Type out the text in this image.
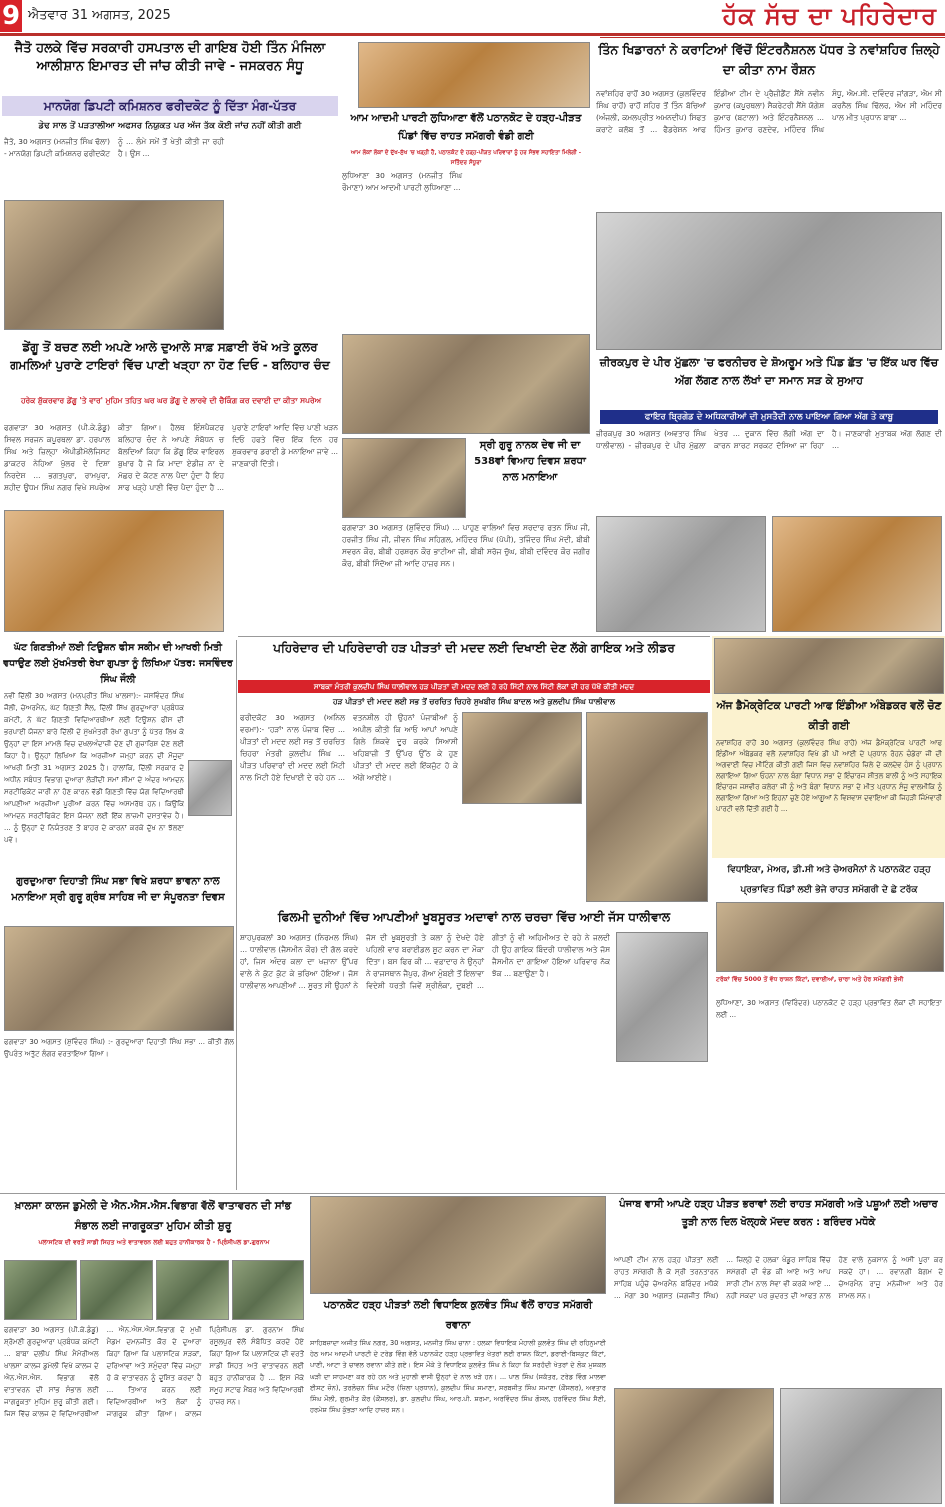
9 ਐਤਵਾਰ 31 ਅਗਸਤ, 2025	ਹੱਕ ਸੱਚ ਦਾ ਪਹਿਰੇਦਾਰ
ਜੈਤੋ ਹਲਕੇ ਵਿੱਚ ਸਰਕਾਰੀ ਹਸਪਤਾਲ ਦੀ ਗਾਇਬ ਹੋਈ ਤਿੰਨ ਮੰਜਿਲਾ ਆਲੀਸ਼ਾਨ ਇਮਾਰਤ ਦੀ ਜਾਂਚ ਕੀਤੀ ਜਾਵੇ - ਜਸਕਰਨ ਸੰਧੂ
ਮਾਨਯੋਗ ਡਿਪਟੀ ਕਮਿਸ਼ਨਰ ਫਰੀਦਕੋਟ ਨੂੰ ਦਿੱਤਾ ਮੰਗ-ਪੱਤਰ
ਡੇਢ ਸਾਲ ਤੋਂ ਪੜਤਾਲੀਆ ਅਫਸਰ ਨਿਯੁਕਤ ਪਰ ਅੱਜ ਤੱਕ ਕੋਈ ਜਾਂਚ ਨਹੀਂ ਕੀਤੀ ਗਈ
ਜੈਤੋ, 30 ਅਗਸਤ (ਮਨਜੀਤ ਸਿੰਘ ਢੱਲਾ) - ਮਾਨਯੋਗ ਡਿਪਟੀ ਕਮਿਸ਼ਨਰ ਫਰੀਦਕੋਟ ਨੂੰ ... ਲੰਮੇ ਸਮੇਂ ਤੋਂ ਖੇਤੀ ਕੀਤੀ ਜਾ ਰਹੀ ਹੈ। ਉਸ ...
ਡੇਂਗੂ ਤੋਂ ਬਚਣ ਲਈ ਅਪਣੇ ਆਲੇ ਦੁਆਲੇ ਸਾਫ਼ ਸਫ਼ਾਈ ਰੱਖੋ ਅਤੇ ਕੂਲਰ ਗਮਲਿਆਂ ਪੁਰਾਣੇ ਟਾਇਰਾਂ ਵਿੱਚ ਪਾਣੀ ਖੜ੍ਹਾ ਨਾ ਹੋਣ ਦਿਓ - ਬਲਿਹਾਰ ਚੰਦ
ਹਰੇਕ ਸ਼ੁੱਕਰਵਾਰ ਡੇਂਗੂ 'ਤੇ ਵਾਰ' ਮੁਹਿਮ ਤਹਿਤ ਘਰ ਘਰ ਡੇਂਗੂ ਦੇ ਲਾਰਵੇ ਦੀ ਚੈਕਿੰਗ ਕਰ ਦਵਾਈ ਦਾ ਕੀਤਾ ਸਪਰੇਅ
ਫਗਵਾੜਾ 30 ਅਗਸਤ (ਪੀ.ਕੇ.ਡੰਡੂ) ਸਿਵਲ ਸਰਜਨ ਕਪੂਰਥਲਾ ਡਾ. ਹਰਪਾਲ ਸਿੰਘ ਅਤੇ ਜ਼ਿਲ੍ਹਾ ਐਪੀਡੀਮੋਲੋਜਿਸਟ ਡਾਕਟਰ ਨੇਹਿਆ ਖੁੱਲਰ ਦੇ ਦਿਸ਼ਾ ਨਿਰਦੇਸ਼ ... ਭਗਤਪੁਰਾ, ਰਾਮਪੁਰਾ, ਸ਼ਹੀਦ ਊਧਮ ਸਿੰਘ ਨਗਰ ਵਿਖੇ ਸਪਰੇਅ ਕੀਤਾ ਗਿਆ। ਹੈਲਥ ਇੰਸਪੈਕਟਰ ਬਲਿਹਾਰ ਚੰਦ ਨੇ ਆਪਣੇ ਸੰਬੋਧਨ ਚ ਬੋਲਦਿਆਂ ਕਿਹਾ ਕਿ ਡੇਂਗੂ ਇੱਕ ਵਾਇਰਲ ਬੁਖ਼ਾਰ ਹੈ ਜੋ ਕਿ ਮਾਦਾ ਏਡੀਜ਼ ਨਾ ਦੇ ਮੱਛਰ ਦੇ ਕੱਟਣ ਨਾਲ ਪੈਦਾ ਹੁੰਦਾ ਹੈ ਇਹ ਸਾਫ ਖੜ੍ਹੇ ਪਾਣੀ ਵਿੱਚ ਪੈਦਾ ਹੁੰਦਾ ਹੈ ... ਪੁਰਾਣੇ ਟਾਇਰਾਂ ਆਦਿ ਵਿੱਚ ਪਾਣੀ ਖੜਨ ਦਿਓ ਹਫਤੇ ਵਿੱਚ ਇੱਕ ਦਿਨ ਹਰ ਸ਼ੁਕਰਵਾਰ ਡਰਾਈ ਡੇ ਮਨਾਇਆ ਜਾਵੇ ... ਜਾਣਕਾਰੀ ਦਿੱਤੀ।
ਘੱਟ ਗਿਣਤੀਆਂ ਲਈ ਟਿਊਸ਼ਨ ਫੀਸ ਸਕੀਮ ਦੀ ਆਖਰੀ ਮਿਤੀ ਵਧਾਉਣ ਲਈ ਮੁੱਖਮੰਤਰੀ ਰੇਖਾ ਗੁਪਤਾ ਨੂੰ ਲਿਖਿਆ ਪੱਤਰ: ਜਸਵਿੰਦਰ ਸਿੰਘ ਜੌਲੀ
ਨਵੀਂ ਦਿੱਲੀ 30 ਅਗਸਤ (ਮਨਪ੍ਰੀਤ ਸਿੰਘ ਖਾਲਸਾ):- ਜਸਵਿੰਦਰ ਸਿੰਘ ਜੌਲੀ, ਚੇਅਰਮੈਨ, ਘੱਟ ਗਿਣਤੀ ਸੈੱਲ, ਦਿੱਲੀ ਸਿੱਖ ਗੁਰਦੁਆਰਾ ਪ੍ਰਬੰਧਕ ਕਮੇਟੀ, ਨੇ ਘੱਟ ਗਿਣਤੀ ਵਿਦਿਆਰਥੀਆਂ ਲਈ ਟਿਊਸ਼ਨ ਫੀਸ ਦੀ ਭਰਪਾਈ ਯੋਜਨਾ ਬਾਰੇ ਦਿੱਲੀ ਦੇ ਮੁੱਖਮੰਤਰੀ ਰੇਖਾ ਗੁਪਤਾ ਨੂੰ ਪੱਤਰ ਲਿਖ ਕੇ ਉਨ੍ਹਾਂ ਦਾ ਇਸ ਮਾਮਲੇ ਵਿਚ ਦਖਲਅੰਦਾਜ਼ੀ ਦੇਣ ਦੀ ਗੁਜ਼ਾਰਿਸ਼ ਦੇਣ ਲਈ ਕਿਹਾ ਹੈ। ਉਨ੍ਹਾਂ ਲਿਖਿਆ ਕਿ ਅਰਜ਼ੀਆਂ ਜਮ੍ਹਾਂ ਕਰਨ ਦੀ ਮੌਜੂਦਾ ਆਖਰੀ ਮਿਤੀ 31 ਅਗਸਤ 2025 ਹੈ। ਹਾਲਾਂਕਿ, ਦਿੱਲੀ ਸਰਕਾਰ ਦੇ ਅਧੀਨ ਸਬੰਧਤ ਵਿਭਾਗ ਦੁਆਰਾ ਲੋੜੀਂਦੀ ਸਮਾਂ ਸੀਮਾ ਦੇ ਅੰਦਰ ਆਮਦਨ ਸਰਟੀਫਿਕੇਟ ਜਾਰੀ ਨਾ ਹੋਣ ਕਾਰਨ ਵੱਡੀ ਗਿਣਤੀ ਵਿੱਚ ਯੋਗ ਵਿਦਿਆਰਥੀ ਆਪਣੀਆਂ ਅਰਜ਼ੀਆਂ ਪੂਰੀਆਂ ਕਰਨ ਵਿੱਚ ਅਸਮਰੱਥ ਹਨ। ਕਿਉਂਕਿ ਆਮਦਨ ਸਰਟੀਫਿਕੇਟ ਇਸ ਯੋਜਨਾ ਲਈ ਇੱਕ ਲਾਜ਼ਮੀ ਦਸਤਾਵੇਜ਼ ਹੈ। ... ਨੂੰ ਉਨ੍ਹਾਂ ਦੇ ਨਿਯੰਤਰਣ ਤੋਂ ਬਾਹਰ ਦੇ ਕਾਰਨਾਂ ਕਰਕੇ ਦੁੱਖ ਨਾ ਝੱਲਣਾ ਪਵੇ।
ਗੁਰਦੁਆਰਾ ਦਿਹਾਤੀ ਸਿੰਘ ਸਭਾ ਵਿਖੇ ਸ਼ਰਧਾ ਭਾਵਨਾ ਨਾਲ ਮਨਾਇਆ ਸ੍ਰੀ ਗੁਰੂ ਗ੍ਰੰਥ ਸਾਹਿਬ ਜੀ ਦਾ ਸੰਪੂਰਨਤਾ ਦਿਵਸ
ਫਗਵਾੜਾ 30 ਅਗਸਤ (ਸ਼ੁਵਿੰਦਰ ਸਿੰਘ) :- ਗੁਰਦੁਆਰਾ ਦਿਹਾਤੀ ਸਿੰਘ ਸਭਾ ... ਕੀਤੀ ਗੱਲ ਉਪਰੰਤ ਅਤੁੱਟ ਲੰਗਰ ਵਰਤਾਇਆ ਗਿਆ।
ਆਮ ਆਦਮੀ ਪਾਰਟੀ ਲੁਧਿਆਣਾ ਵੱਲੋਂ ਪਠਾਨਕੋਟ ਦੇ ਹੜ੍ਹ-ਪੀੜਤ ਪਿੰਡਾਂ ਵਿੱਚ ਰਾਹਤ ਸਮੱਗਰੀ ਵੰਡੀ ਗਈ
ਆਮ ਲੋਕਾਂ ਲੋਕਾਂ ਦੇ ਦੁੱਖ-ਸੁੱਖ 'ਚ ਖੜ੍ਹੀ ਹੈ, ਪਠਾਨਕੋਟ ਦੇ ਹੜ੍ਹ-ਪੀੜਤ ਪਰਿਵਾਰਾਂ ਨੂੰ ਹਰ ਸੰਭਵ ਸਹਾਇਤਾ ਮਿਲੇਗੀ - ਸਤਿੰਦਰ ਸੰਧੂਰਾ
ਲੁਧਿਆਣਾ 30 ਅਗਸਤ (ਮਨਜੀਤ ਸਿੰਘ ਰੌਮਾਣਾ) ਆਮ ਆਦਮੀ ਪਾਰਟੀ ਲੁਧਿਆਣਾ ...
ਸ੍ਰੀ ਗੁਰੂ ਨਾਨਕ ਦੇਵ ਜੀ ਦਾ 538ਵਾਂ ਵਿਆਹ ਦਿਵਸ ਸ਼ਰਧਾ ਨਾਲ ਮਨਾਇਆ
ਫਗਵਾੜਾ 30 ਅਗਸਤ (ਸ਼ੁਵਿੰਦਰ ਸਿੰਘ) ... ਪਾਹੁਣ ਵਾਲਿਆਂ ਵਿਚ ਸਰਦਾਰ ਰਤਨ ਸਿੰਘ ਜੀ, ਹਰਜੀਤ ਸਿੰਘ ਜੀ, ਜੀਵਨ ਸਿੰਘ ਸਹਿਗਲ, ਮਹਿੰਦਰ ਸਿੰਘ (ਪੱਪੀ), ਤਜਿੰਦਰ ਸਿੰਘ ਮੋਦੀ, ਬੀਬੀ ਸਵਰਨ ਕੌਰ, ਬੀਬੀ ਹਰਸ਼ਰਨ ਕੌਰ ਭਾਟੀਆ ਜੀ, ਬੀਬੀ ਸਰੋਜ ਚੁੱਘ, ਬੀਬੀ ਦਵਿੰਦਰ ਕੌਰ ਜਗੀਰ ਕੌਰ, ਬੀਬੀ ਸਿੰਦੋਆ ਜੀ ਆਦਿ ਹਾਜ਼ਰ ਸਨ।
ਤਿੰਨ ਖਿਡਾਰਨਾਂ ਨੇ ਕਰਾਟਿਆਂ ਵਿੱਚੋਂ ਇੰਟਰਨੈਸ਼ਨਲ ਪੱਧਰ ਤੇ ਨਵਾਂਸ਼ਹਿਰ ਜ਼ਿਲ੍ਹੇ ਦਾ ਕੀਤਾ ਨਾਮ ਰੌਸ਼ਨ
ਨਵਾਂਸ਼ਹਿਰ ਰਾਹੋਂ 30 ਅਗਸਤ (ਕੁਲਵਿੰਦਰ ਸਿੰਘ ਰਾਹੋਂ) ਰਾਹੋਂ ਸ਼ਹਿਰ ਤੋਂ ਤਿੰਨ ਬੱਚਿਆਂ (ਅੰਜਲੀ, ਕਮਲਪ੍ਰੀਤ ਅਮਨਦੀਪ) ਸਿਫਤ ਕਰਾਟੇ ਕਲੱਬ ਤੋਂ ... ਫੈਡਰੇਸ਼ਨ ਆਫ ਇੰਡੀਆ ਟੀਮ ਦੇ ਪ੍ਰੈਜ਼ੀਡੈਂਟ ਸੈਂਸੇ ਨਵੀਨ ਕੁਮਾਰ (ਕਪੂਰਥਲਾ) ਸੈਕਰੇਟਰੀ ਸੈਂਸੇ ਯੋਗੇਸ਼ ਕੁਮਾਰ (ਬਟਾਲਾ) ਅਤੇ ਇੰਟਰਨੈਸ਼ਨਲ ... ਹਿੰਮਤ ਕੁਮਾਰ ਰਣਦੇਵ, ਮਹਿੰਦਰ ਸਿੰਘ ਸੰਧੂ, ਐਮ.ਸੀ. ਦਵਿੰਦਰ ਜਾਂਗੜਾ, ਐਮ ਸੀ ਕਰਨੈਲ ਸਿੰਘ ਢਿੱਲਰ, ਐਮ ਸੀ ਮਹਿੰਦਰ ਪਾਲ ਮੀਤ ਪ੍ਰਧਾਨ ਬਾਬਾ ...
ਜ਼ੀਰਕਪੁਰ ਦੇ ਪੀਰ ਮੁੱਛਲਾ 'ਚ ਫਰਨੀਚਰ ਦੇ ਸ਼ੋਅਰੂਮ ਅਤੇ ਪਿੰਡ ਛੱਤ 'ਚ ਇੱਕ ਘਰ ਵਿੱਚ ਅੱਗ ਲੱਗਣ ਨਾਲ ਲੱਖਾਂ ਦਾ ਸਮਾਨ ਸੜ ਕੇ ਸੁਆਹ
ਫਾਇਰ ਬ੍ਰਿਗੇਡ ਦੇ ਅਧਿਕਾਰੀਆਂ ਦੀ ਮੁਸਤੈਦੀ ਨਾਲ ਪਾਇਆ ਗਿਆ ਅੱਗ ਤੇ ਕਾਬੂ
ਜ਼ੀਰਕਪੁਰ 30 ਅਗਸਤ (ਅਵਤਾਰ ਸਿੰਘ ਧਾਲੀਵਾਲ) - ਜ਼ੀਰਕਪੁਰ ਦੇ ਪੀਰ ਮੁੱਛਲਾ ਖੇਤਰ ... ਦੁਕਾਨ ਵਿੱਚ ਲੱਗੀ ਅੱਗ ਦਾ ਕਾਰਨ ਸ਼ਾਰਟ ਸਰਕਟ ਦੱਸਿਆ ਜਾ ਰਿਹਾ ਹੈ। ਜਾਣਕਾਰੀ ਮੁਤਾਬਕ ਅੱਗ ਲੱਗਣ ਦੀ ...
ਪਹਿਰੇਦਾਰ ਦੀ ਪਹਿਰੇਦਾਰੀ ਹੜ ਪੀੜਤਾਂ ਦੀ ਮਦਦ ਲਈ ਦਿਖਾਈ ਦੇਣ ਲੱਗੇ ਗਾਇਕ ਅਤੇ ਲੀਡਰ
ਸਾਬਕਾ ਮੰਤਰੀ ਕੁਲਦੀਪ ਸਿੰਘ ਧਾਲੀਵਾਲ ਹੜ ਪੀੜਤਾਂ ਦੀ ਮਦਦ ਲਈ ਹੋ ਰਹੇ ਮਿੱਟੀ ਨਾਲ ਮਿੱਟੀ ਲੋਕਾਂ ਦੀ ਹਰ ਪੱਖੋਂ ਕੀਤੀ ਮਦਦ
ਹੜ ਪੀੜਤਾਂ ਦੀ ਮਦਦ ਲਈ ਸਭ ਤੋਂ ਚਰਚਿਤ ਚਿਹਰੇ ਸੁਖਬੀਰ ਸਿੰਘ ਬਾਦਲ ਅਤੇ ਕੁਲਦੀਪ ਸਿੰਘ ਧਾਲੀਵਾਲ
ਫਰੀਦਕੋਟ 30 ਅਗਸਤ (ਅਨਿਲ ਵਰਮਾ):- 'ਹੜਾਂ' ਨਾਲ ਪੰਜਾਬ ਵਿੱਚ ... ਪੀੜਤਾਂ ਦੀ ਮਦਦ ਲਈ ਸਭ ਤੋਂ ਚਰਚਿਤ ਚਿਹਰਾ ਮੰਤਰੀ ਕੁਲਦੀਪ ਸਿੰਘ ... ਪੀੜਤ ਪਰਿਵਾਰਾਂ ਦੀ ਮਦਦ ਲਈ ਮਿੱਟੀ ਨਾਲ ਮਿੱਟੀ ਹੋਏ ਦਿਖਾਈ ਦੇ ਰਹੇ ਹਨ ... ਵਤਨਸ਼ੀਲ ਹੀ ਉਹਨਾਂ ਪੰਜਾਬੀਆਂ ਨੂੰ ਅਪੀਲ ਕੀਤੀ ਕਿ ਆਓ ਆਪਾਂ ਆਪਣੇ ਗਿਲੇ ਸ਼ਿਕਵੇ ਦੂਰ ਕਰਕੇ ਸਿਆਸੀ ਖਹਿਬਾਜ਼ੀ ਤੋਂ ਉੱਪਰ ਉੱਠ ਕੇ ਹੁਣ ਪੀੜਤਾਂ ਦੀ ਮਦਦ ਲਈ ਇੱਕਜੁੱਟ ਹੋ ਕੇ ਅੱਗੇ ਆਈਏ।
ਫਿਲਮੀ ਦੁਨੀਆਂ ਵਿੱਚ ਆਪਣੀਆਂ ਖੂਬਸੂਰਤ ਅਦਾਵਾਂ ਨਾਲ ਚਰਚਾ ਵਿੱਚ ਆਈ ਜੱਸ ਧਾਲੀਵਾਲ
ਸ਼ਾਹਪੁਰਕਲਾਂ 30 ਅਗਸਤ (ਨਿਰਮਲ ਸਿੰਘ) ... ਧਾਲੀਵਾਲ (ਜੈਸਮੀਨ ਕੌਰ) ਦੀ ਗੱਲ ਕਰਦੇ ਹਾਂ, ਜਿਸ ਅੰਦਰ ਕਲਾ ਦਾ ਖਜ਼ਾਨਾ ਉੱਪਰ ਵਾਲੇ ਨੇ ਕੁੱਟ ਕੁੱਟ ਕੇ ਭਰਿਆ ਹੋਇਆ। ਜੱਸ ਧਾਲੀਵਾਲ ਆਪਣੀਆਂ ... ਸੂਰਤ ਸੀ ਉਹਨਾਂ ਨੇ ਜੱਸ ਦੀ ਖੂਬਸੂਰਤੀ ਤੇ ਕਲਾ ਨੂੰ ਦੇਖਦੇ ਹੋਏ ਪਹਿਲੀ ਵਾਰ ਬਰਾਈਡਲ ਸ਼ੂਟ ਕਰਨ ਦਾ ਮੌਕਾ ਦਿੱਤਾ। ਬਸ ਫਿਰ ਕੀ ... ਵਫ਼ਾਦਾਰ ਨੇ ਉਨ੍ਹਾਂ ਨੇ ਰਾਜਸਥਾਨ ਜੈਪੁਰ, ਗੋਆ ਮੁੰਬਈ ਤੋਂ ਇਲਾਵਾ ਵਿਦੇਸ਼ੀ ਧਰਤੀ ਜਿਵੇਂ ਸ਼੍ਰੀਲੰਕਾ, ਦੁਬਈ ... ਗੀਤਾਂ ਨੂੰ ਵੀ ਅਹਿਮੀਅਤ ਦੇ ਰਹੇ ਨੇ ਜਲਦੀ ਹੀ ਉਹ ਗਾਇਕ ਬਿੰਦਰੀ ਧਾਲੀਵਾਲ ਅਤੇ ਜੱਸ ਜੈਸਮੀਨ ਦਾ ਗਾਇਆ ਹੋਇਆ ਪਰਿਵਾਰ ਨੋਕ ਝੋਕ ... ਬਣਾਉਣਾ ਹੈ।
ਅੱਜ ਡੈਮੋਕ੍ਰੇਟਿਕ ਪਾਰਟੀ ਆਫ ਇੰਡੀਆ ਅੰਬੇਡਕਰ ਵਲੋਂ ਚੋਣ ਕੀਤੀ ਗਈ
ਨਵਾਂਸ਼ਹਿਰ ਰਾਹੋਂ 30 ਅਗਸਤ (ਕੁਲਵਿੰਦਰ ਸਿੰਘ ਰਾਹੋਂ) ਅੱਜ ਡੈਮੋਕ੍ਰੇਟਿਕ ਪਾਰਟੀ ਆਫ ਇੰਡੀਆ ਅੰਬੇਡਕਰ ਵਲੋਂ ਨਵਾਂਸ਼ਹਿਰ ਵਿਖੇ ਡੀ ਪੀ ਆਈ ਦੇ ਪ੍ਰਧਾਨ ਰੋਹਨ ਚੰਡੇਰਾ ਜੀ ਦੀ ਅਗਵਾਈ ਵਿਚ ਮੀਟਿੰਗ ਕੀਤੀ ਗਈ ਜਿਸ ਵਿਚ ਨਵਾਂਸ਼ਹਿਰ ਜ਼ਿਲੇ ਦੇ ਕਲਦੇਵ ਹੰਸ ਨੂੰ ਪ੍ਰਧਾਨ ਲਗਾਇਆ ਗਿਆ ਓਹਨਾ ਨਾਲ ਬੰਗਾ ਵਿਧਾਨ ਸਭਾ ਦੇ ਇੰਚਾਰਜ ਸ਼ੀਤਲ ਬਾਲੀ ਨੂੰ ਅਤੇ ਸਹਾਇਕ ਇੰਚਾਰਜ ਜਸਵੀਰ ਕਲੇਰਾ ਜੀ ਨੂੰ ਅਤੇ ਬੰਗਾ ਵਿਧਾਨ ਸਭਾ ਦੇ ਮੀਤ ਪ੍ਰਧਾਨ ਸੰਜੂ ਵਾਲਮੀਕਿ ਨੂੰ ਲਗਾਇਆ ਗਿਆ ਅਤੇ ਇਹਨਾਂ ਚੁਣੇ ਹੋਏ ਆਗੂਆਂ ਨੇ ਵਿਸ਼ਵਾਸ ਦਵਾਇਆ ਕੀ ਜਿਹੜੀ ਜਿੰਮੇਵਾਰੀ ਪਾਰਟੀ ਵਲੋਂ ਦਿੱਤੀ ਗਈ ਹੈ ...
ਵਿਧਾਇਕਾ, ਮੇਅਰ, ਡੀ.ਸੀ ਅਤੇ ਚੇਅਰਮੈਨਾਂ ਨੇ ਪਠਾਨਕੋਟ ਹੜ੍ਹ ਪ੍ਰਭਾਵਿਤ ਪਿੰਡਾਂ ਲਈ ਭੇਜੇ ਰਾਹਤ ਸਮੱਗਰੀ ਦੇ ਛੇ ਟਰੱਕ
ਟਰੱਕਾਂ ਵਿੱਚ 5000 ਤੋਂ ਵੱਧ ਰਾਸ਼ਨ ਕਿੱਟਾਂ, ਦਵਾਈਆਂ, ਚਾਰਾ ਅਤੇ ਹੋਰ ਸਮੱਗਰੀ ਭੇਜੀ
ਲੁਧਿਆਣਾ, 30 ਅਗਸਤ (ਵਿਰਿੰਦਰ) ਪਠਾਨਕੋਟ ਦੇ ਹੜ੍ਹ ਪ੍ਰਭਾਵਿਤ ਲੋਕਾਂ ਦੀ ਸਹਾਇਤਾ ਲਈ ...
ਖ਼ਾਲਸਾ ਕਾਲਜ ਡੁਮੇਲੀ ਦੇ ਐਨ.ਐਸ.ਐਸ.ਵਿਭਾਗ ਵੱਲੋਂ ਵਾਤਾਵਰਨ ਦੀ ਸਾਂਭ ਸੰਭਾਲ ਲਈ ਜਾਗਰੂਕਤਾ ਮੁਹਿਮ ਕੀਤੀ ਸ਼ੁਰੂ
ਪਲਾਸਟਿਕ ਦੀ ਵਰਤੋਂ ਸਾਡੀ ਸਿਹਤ ਅਤੇ ਵਾਤਾਵਰਨ ਲਈ ਬਹੁਤ ਹਾਨੀਕਾਰਕ ਹੈ - ਪ੍ਰਿੰਸੀਪਲ ਡਾ.ਗੁਰਨਾਮ
ਫਗਵਾੜਾ 30 ਅਗਸਤ (ਪੀ.ਕੇ.ਡੰਡੂ) ਸ਼੍ਰੋਮਣੀ ਗੁਰਦੁਆਰਾ ਪ੍ਰਬੰਧਕ ਕਮੇਟੀ ... ਬਾਬਾ ਦਲੀਪ ਸਿੰਘ ਮੈਮੋਰੀਅਲ ਖਾਲਸਾ ਕਾਲਜ ਡੁਮੇਲੀ ਵਿਖੇ ਕਾਲਜ ਦੇ ਐਨ.ਐਸ.ਐਸ. ਵਿਭਾਗ ਵੱਲੋਂ ਵਾਤਾਵਰਨ ਦੀ ਸਾਂਭ ਸੰਭਾਲ ਲਈ ਜਾਗਰੂਕਤਾ ਮੁਹਿਮ ਸ਼ੁਰੂ ਕੀਤੀ ਗਈ। ਜਿਸ ਵਿੱਚ ਕਾਲਜ ਦੇ ਵਿਦਿਆਰਥੀਆਂ ... ਐਨ.ਐਸ.ਐਸ.ਵਿਭਾਗ ਦੇ ਮੁਖੀ ਮੈਡਮ ਦਮਨਜੀਤ ਕੌਰ ਦੇ ਦੁਆਰਾ ਕਿਹਾ ਗਿਆ ਕਿ ਪਲਾਸਟਿਕ ਸੜਕਾਂ, ਦਰਿਆਵਾਂ ਅਤੇ ਸਮੁੰਦਰਾਂ ਵਿੱਚ ਜਮ੍ਹਾ ਹੋ ਕੇ ਵਾਤਾਵਰਨ ਨੂੰ ਦੂਸ਼ਿਤ ਕਰਦਾ ਹੈ ... ਤਿਆਰ ਕਰਨ ਲਈ ਵਿਦਿਆਰਥੀਆਂ ਅਤੇ ਲੋਕਾਂ ਨੂੰ ਜਾਗਰੂਕ ਕੀਤਾ ਗਿਆ। ਕਾਲਜ ਪ੍ਰਿੰਸੀਪਲ ਡਾ. ਗੁਰਨਾਮ ਸਿੰਘ ਰਸੂਲਪੁਰ ਵੱਲੋਂ ਸੰਬੋਧਿਤ ਕਰਦੇ ਹੋਏ ਕਿਹਾ ਗਿਆ ਕਿ ਪਲਾਸਟਿਕ ਦੀ ਵਰਤੋਂ ਸਾਡੀ ਸਿਹਤ ਅਤੇ ਵਾਤਾਵਰਨ ਲਈ ਬਹੁਤ ਹਾਨੀਕਾਰਕ ਹੈ ... ਇਸ ਮੌਕੇ ਸਮੂਹ ਸਟਾਫ ਮੈਂਬਰ ਅਤੇ ਵਿਦਿਆਰਥੀ ਹਾਜ਼ਰ ਸਨ।
ਪਠਾਨਕੋਟ ਹੜ੍ਹ ਪੀੜਤਾਂ ਲਈ ਵਿਧਾਇਕ ਕੁਲਵੰਤ ਸਿੰਘ ਵੱਲੋਂ ਰਾਹਤ ਸਮੱਗਰੀ ਰਵਾਨਾ
ਸਾਹਿਬਜ਼ਾਦਾ ਅਜੀਤ ਸਿੰਘ ਨਗਰ, 30 ਅਗਸਤ, ਮਨਜੀਤ ਸਿੰਘ ਚਾਨਾ : ਹਲਕਾ ਵਿਧਾਇਕ ਮੋਹਾਲੀ ਕੁਲਵੰਤ ਸਿੰਘ ਦੀ ਰਹਿਨੁਮਾਈ ਹੇਠ ਆਮ ਆਦਮੀ ਪਾਰਟੀ ਦੇ ਟਰੇਡ ਵਿੰਗ ਵੱਲੋਂ ਪਠਾਨਕੋਟ ਹੜ੍ਹ ਪ੍ਰਭਾਵਿਤ ਖੇਤਰਾਂ ਲਈ ਰਾਸ਼ਨ ਕਿੱਟਾਂ, ਡਰਾਈ-ਬਿਸਕੁਟ ਕਿੱਟਾਂ, ਪਾਣੀ, ਆਟਾ ਤੇ ਚਾਵਲ ਰਵਾਨਾ ਕੀਤੇ ਗਏ। ਇਸ ਮੌਕੇ ਤੇ ਵਿਧਾਇਕ ਕੁਲਵੰਤ ਸਿੰਘ ਨੇ ਕਿਹਾ ਕਿ ਸਰਹੱਦੀ ਖੇਤਰਾਂ ਦੇ ਲੋਕ ਮੁਸ਼ਕਲ ਘੜੀ ਦਾ ਸਾਹਮਣਾ ਕਰ ਰਹੇ ਹਨ ਅਤੇ ਮੁਹਾਲੀ ਵਾਸੀ ਉਨ੍ਹਾਂ ਦੇ ਨਾਲ ਖੜੇ ਹਨ। ... ਪਾਲ ਸਿੰਘ (ਸਕੱਤਰ, ਟਰੇਡ ਵਿੰਗ ਮਾਲਵਾ ਈਸਟ ਜ਼ੋਨ), ਤਰਲੋਚਨ ਸਿੰਘ ਮਟੌਰ (ਜ਼ਿਲਾ ਪ੍ਰਧਾਨ), ਕੁਲਦੀਪ ਸਿੰਘ ਸਮਾਣਾ, ਸਰਬਜੀਤ ਸਿੰਘ ਸਮਾਣਾ (ਕੌਂਸਲਰ), ਅਵਤਾਰ ਸਿੰਘ ਮੌਲੀ, ਗੁਰਮੀਤ ਕੌਰ (ਕੌਂਸਲਰ), ਡਾ. ਕੁਲਦੀਪ ਸਿੰਘ, ਆਰ.ਪੀ. ਸ਼ਰਮਾ, ਅਰਵਿੰਦਰ ਸਿੰਘ ਗੋਸਲ, ਹਰਵਿੰਦਰ ਸਿੰਘ ਸੈਣੀ, ਹਰਮੇਸ਼ ਸਿੰਘ ਕੁੰਭੜਾ ਆਦਿ ਹਾਜ਼ਰ ਸਨ।
ਪੰਜਾਬ ਵਾਸੀ ਆਪਣੇ ਹੜ੍ਹ ਪੀੜਤ ਭਰਾਵਾਂ ਲਈ ਰਾਹਤ ਸਮੱਗਰੀ ਅਤੇ ਪਸ਼ੂਆਂ ਲਈ ਅਚਾਰ ਤੂੜੀ ਨਾਲ ਦਿਲ ਖੋਲ੍ਹਕੇ ਮੱਦਦ ਕਰਨ : ਬਰਿੰਦਰ ਮਧੋਕੇ
ਆਪਣੀ ਟੀਮ ਨਾਲ ਹੜ੍ਹ ਪੀੜਤਾਂ ਲਈ ਰਾਹਤ ਸਮੱਗਰੀ ਲੈ ਕੇ ਸ੍ਰੀ ਤਰਨਤਾਰਨ ਸਾਹਿਬ ਪਹੁੰਚੇ ਚੇਅਰਮੈਨ ਬਰਿੰਦਰ ਮਧੋਕੇ ... ਮੋਗਾ 30 ਅਗਸਤ (ਜਗਜੀਤ ਸਿੰਘ) ... ਜ਼ਿਲ੍ਹੇ ਦੇ ਹਲਕਾ ਖੰਡੂਰ ਸਾਹਿਬ ਵਿੱਚ ਸਮੱਗਰੀ ਦੀ ਵੰਡ ਕੀ ਆਏ ਅਤੇ ਆਪ ਸਾਰੀ ਟੀਮ ਨਾਲ ਸੇਵਾ ਵੀ ਕਰਕੇ ਆਏ ... ਨਹੀਂ ਸਕਦਾ ਪਰ ਕੁਦਰਤ ਦੀ ਆਫਤ ਨਾਲ ਹੋਣ ਵਾਲੇ ਨੁਕਸਾਨ ਨੂੰ ਅਸੀਂ ਪੂਰਾ ਕਰ ਸਕਦੇ ਹਾਂ। ... ਰਵਾਨਗੀ ਬੇਗਮ ਦੇ ਚੇਅਰਮੈਨ ਰਾਜੂ ਮਨੇਜੀਆ ਅਤੇ ਹੋਰ ਸ਼ਾਮਲ ਸਨ।
